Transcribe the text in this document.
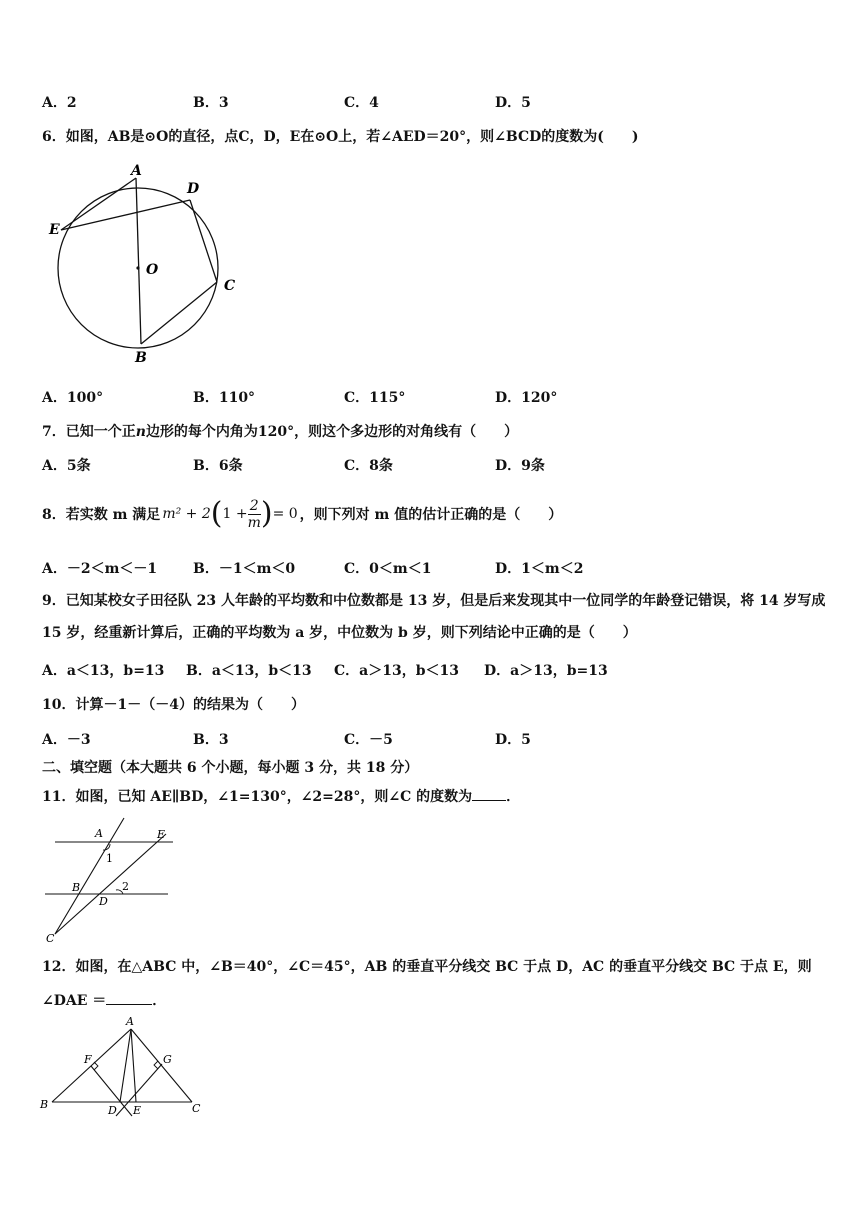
A．2	B．3	C．4	D．5
6．如图，AB是⊙O的直径，点C，D，E在⊙O上，若∠AED＝20°，则∠BCD的度数为(　　)
A
D
E
O
C
B
A．100°	B．110°	C．115°	D．120°
7．已知一个正n边形的每个内角为120°，则这个多边形的对角线有（　　）
A．5条	B．6条	C．8条	D．9条
8．若实数 m 满足 m² + 2 ( $1 + \frac{2}{m}$ ) = 0 ，则下列对 m 值的估计正确的是（　　）
A．－2＜m＜－1	B．－1＜m＜0	C．0＜m＜1	D．1＜m＜2
9．已知某校女子田径队 23 人年龄的平均数和中位数都是 13 岁，但是后来发现其中一位同学的年龄登记错误，将 14 岁写成 15 岁，经重新计算后，正确的平均数为 a 岁，中位数为 b 岁，则下列结论中正确的是（　　）
A．a＜13，b=13 B．a＜13，b＜13 C．a＞13，b＜13 D．a＞13，b=13
10．计算－1－（－4）的结果为（　　）
A．－3	B．3	C．－5	D．5
二、填空题（本大题共 6 个小题，每小题 3 分，共 18 分）
11．如图，已知 AE∥BD，∠1=130°，∠2=28°，则∠C 的度数为 ．
A	E
1
B	2
D
C
12．如图，在△ABC 中，∠B＝40°，∠C＝45°，AB 的垂直平分线交 BC 于点 D，AC 的垂直平分线交 BC 于点 E，则∠DAE ＝	．
A
F	G
B	D E	C
